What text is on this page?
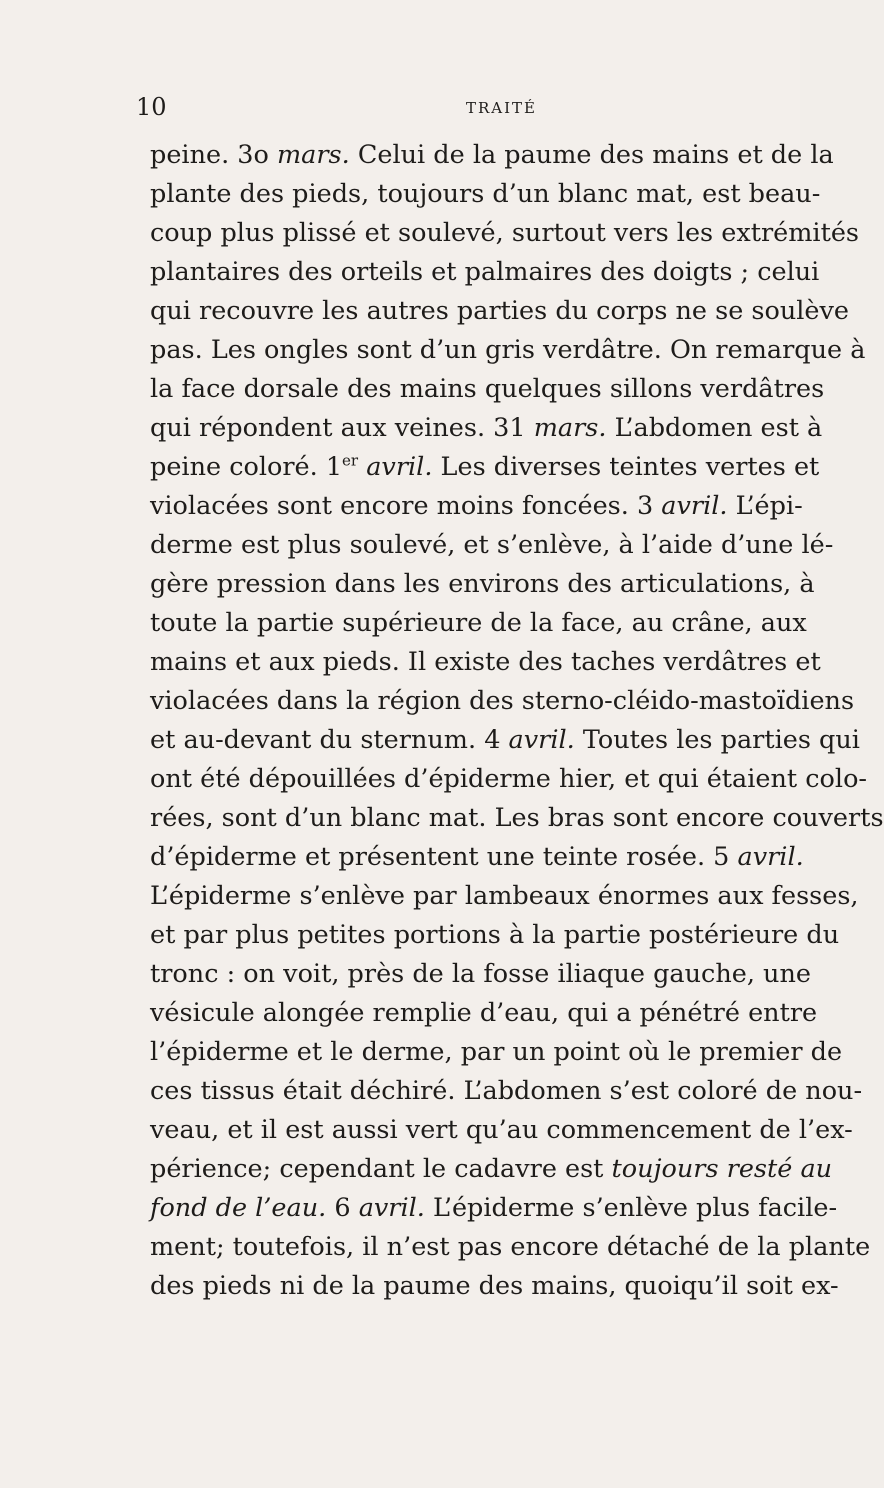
10	TRAITÉ
peine. 3o mars. Celui de la paume des mains et de la
plante des pieds, toujours d’un blanc mat, est beau-
coup plus plissé et soulevé, surtout vers les extrémités
plantaires des orteils et palmaires des doigts ; celui
qui recouvre les autres parties du corps ne se soulève
pas. Les ongles sont d’un gris verdâtre. On remarque à
la face dorsale des mains quelques sillons verdâtres
qui répondent aux veines. 31 mars. L’abdomen est à
peine coloré. 1er avril. Les diverses teintes vertes et
violacées sont encore moins foncées. 3 avril. L’épi-
derme est plus soulevé, et s’enlève, à l’aide d’une lé-
gère pression dans les environs des articulations, à
toute la partie supérieure de la face, au crâne, aux
mains et aux pieds. Il existe des taches verdâtres et
violacées dans la région des sterno-cléido-mastoïdiens
et au-devant du sternum. 4 avril. Toutes les parties qui
ont été dépouillées d’épiderme hier, et qui étaient colo-
rées, sont d’un blanc mat. Les bras sont encore couverts
d’épiderme et présentent une teinte rosée. 5 avril.
L’épiderme s’enlève par lambeaux énormes aux fesses,
et par plus petites portions à la partie postérieure du
tronc : on voit, près de la fosse iliaque gauche, une
vésicule alongée remplie d’eau, qui a pénétré entre
l’épiderme et le derme, par un point où le premier de
ces tissus était déchiré. L’abdomen s’est coloré de nou-
veau, et il est aussi vert qu’au commencement de l’ex-
périence; cependant le cadavre est toujours resté au
fond de l’eau. 6 avril. L’épiderme s’enlève plus facile-
ment; toutefois, il n’est pas encore détaché de la plante
des pieds ni de la paume des mains, quoiqu’il soit ex-
